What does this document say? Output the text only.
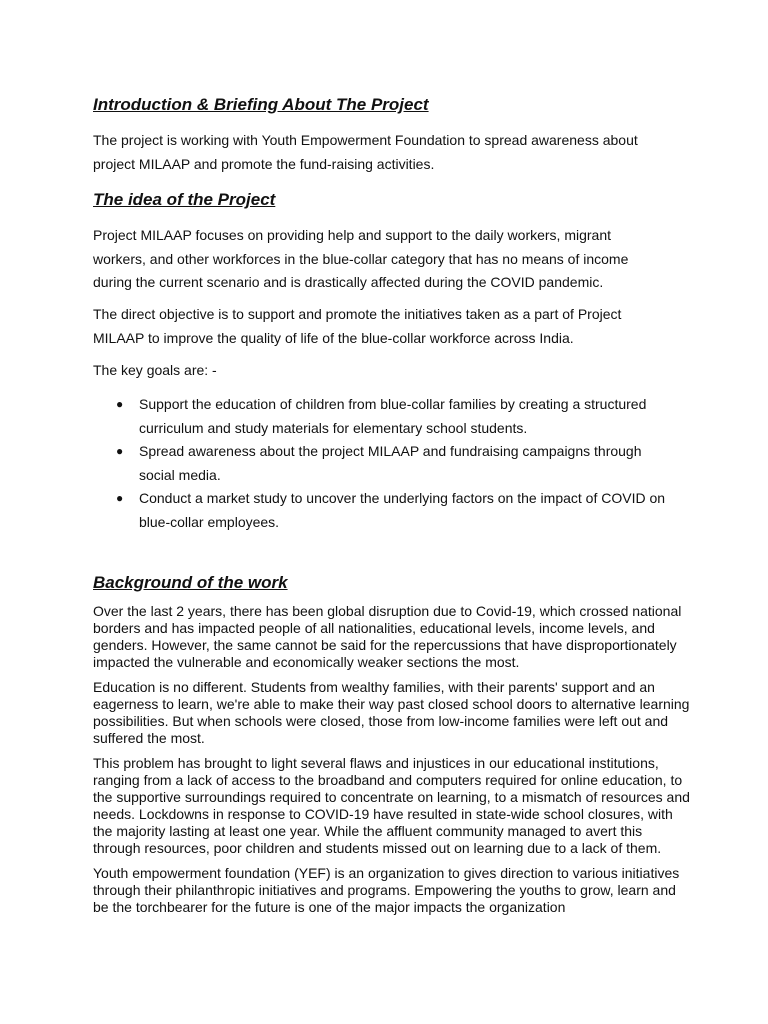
Introduction & Briefing About The Project

The project is working with Youth Empowerment Foundation to spread awareness about project MILAAP and promote the fund-raising activities.

The idea of the Project

Project MILAAP focuses on providing help and support to the daily workers, migrant workers, and other workforces in the blue-collar category that has no means of income during the current scenario and is drastically affected during the COVID pandemic.

The direct objective is to support and promote the initiatives taken as a part of Project MILAAP to improve the quality of life of the blue-collar workforce across India.

The key goals are: -

● Support the education of children from blue-collar families by creating a structured curriculum and study materials for elementary school students.
● Spread awareness about the project MILAAP and fundraising campaigns through social media.
● Conduct a market study to uncover the underlying factors on the impact of COVID on blue-collar employees.
Background of the work

Over the last 2 years, there has been global disruption due to Covid-19, which crossed national borders and has impacted people of all nationalities, educational levels, income levels, and genders. However, the same cannot be said for the repercussions that have disproportionately impacted the vulnerable and economically weaker sections the most.

Education is no different. Students from wealthy families, with their parents' support and an eagerness to learn, we're able to make their way past closed school doors to alternative learning possibilities. But when schools were closed, those from low-income families were left out and suffered the most.

This problem has brought to light several flaws and injustices in our educational institutions, ranging from a lack of access to the broadband and computers required for online education, to the supportive surroundings required to concentrate on learning, to a mismatch of resources and needs. Lockdowns in response to COVID-19 have resulted in state-wide school closures, with the majority lasting at least one year. While the affluent community managed to avert this through resources, poor children and students missed out on learning due to a lack of them.

Youth empowerment foundation (YEF) is an organization to gives direction to various initiatives through their philanthropic initiatives and programs. Empowering the youths to grow, learn and be the torchbearer for the future is one of the major impacts the organization
